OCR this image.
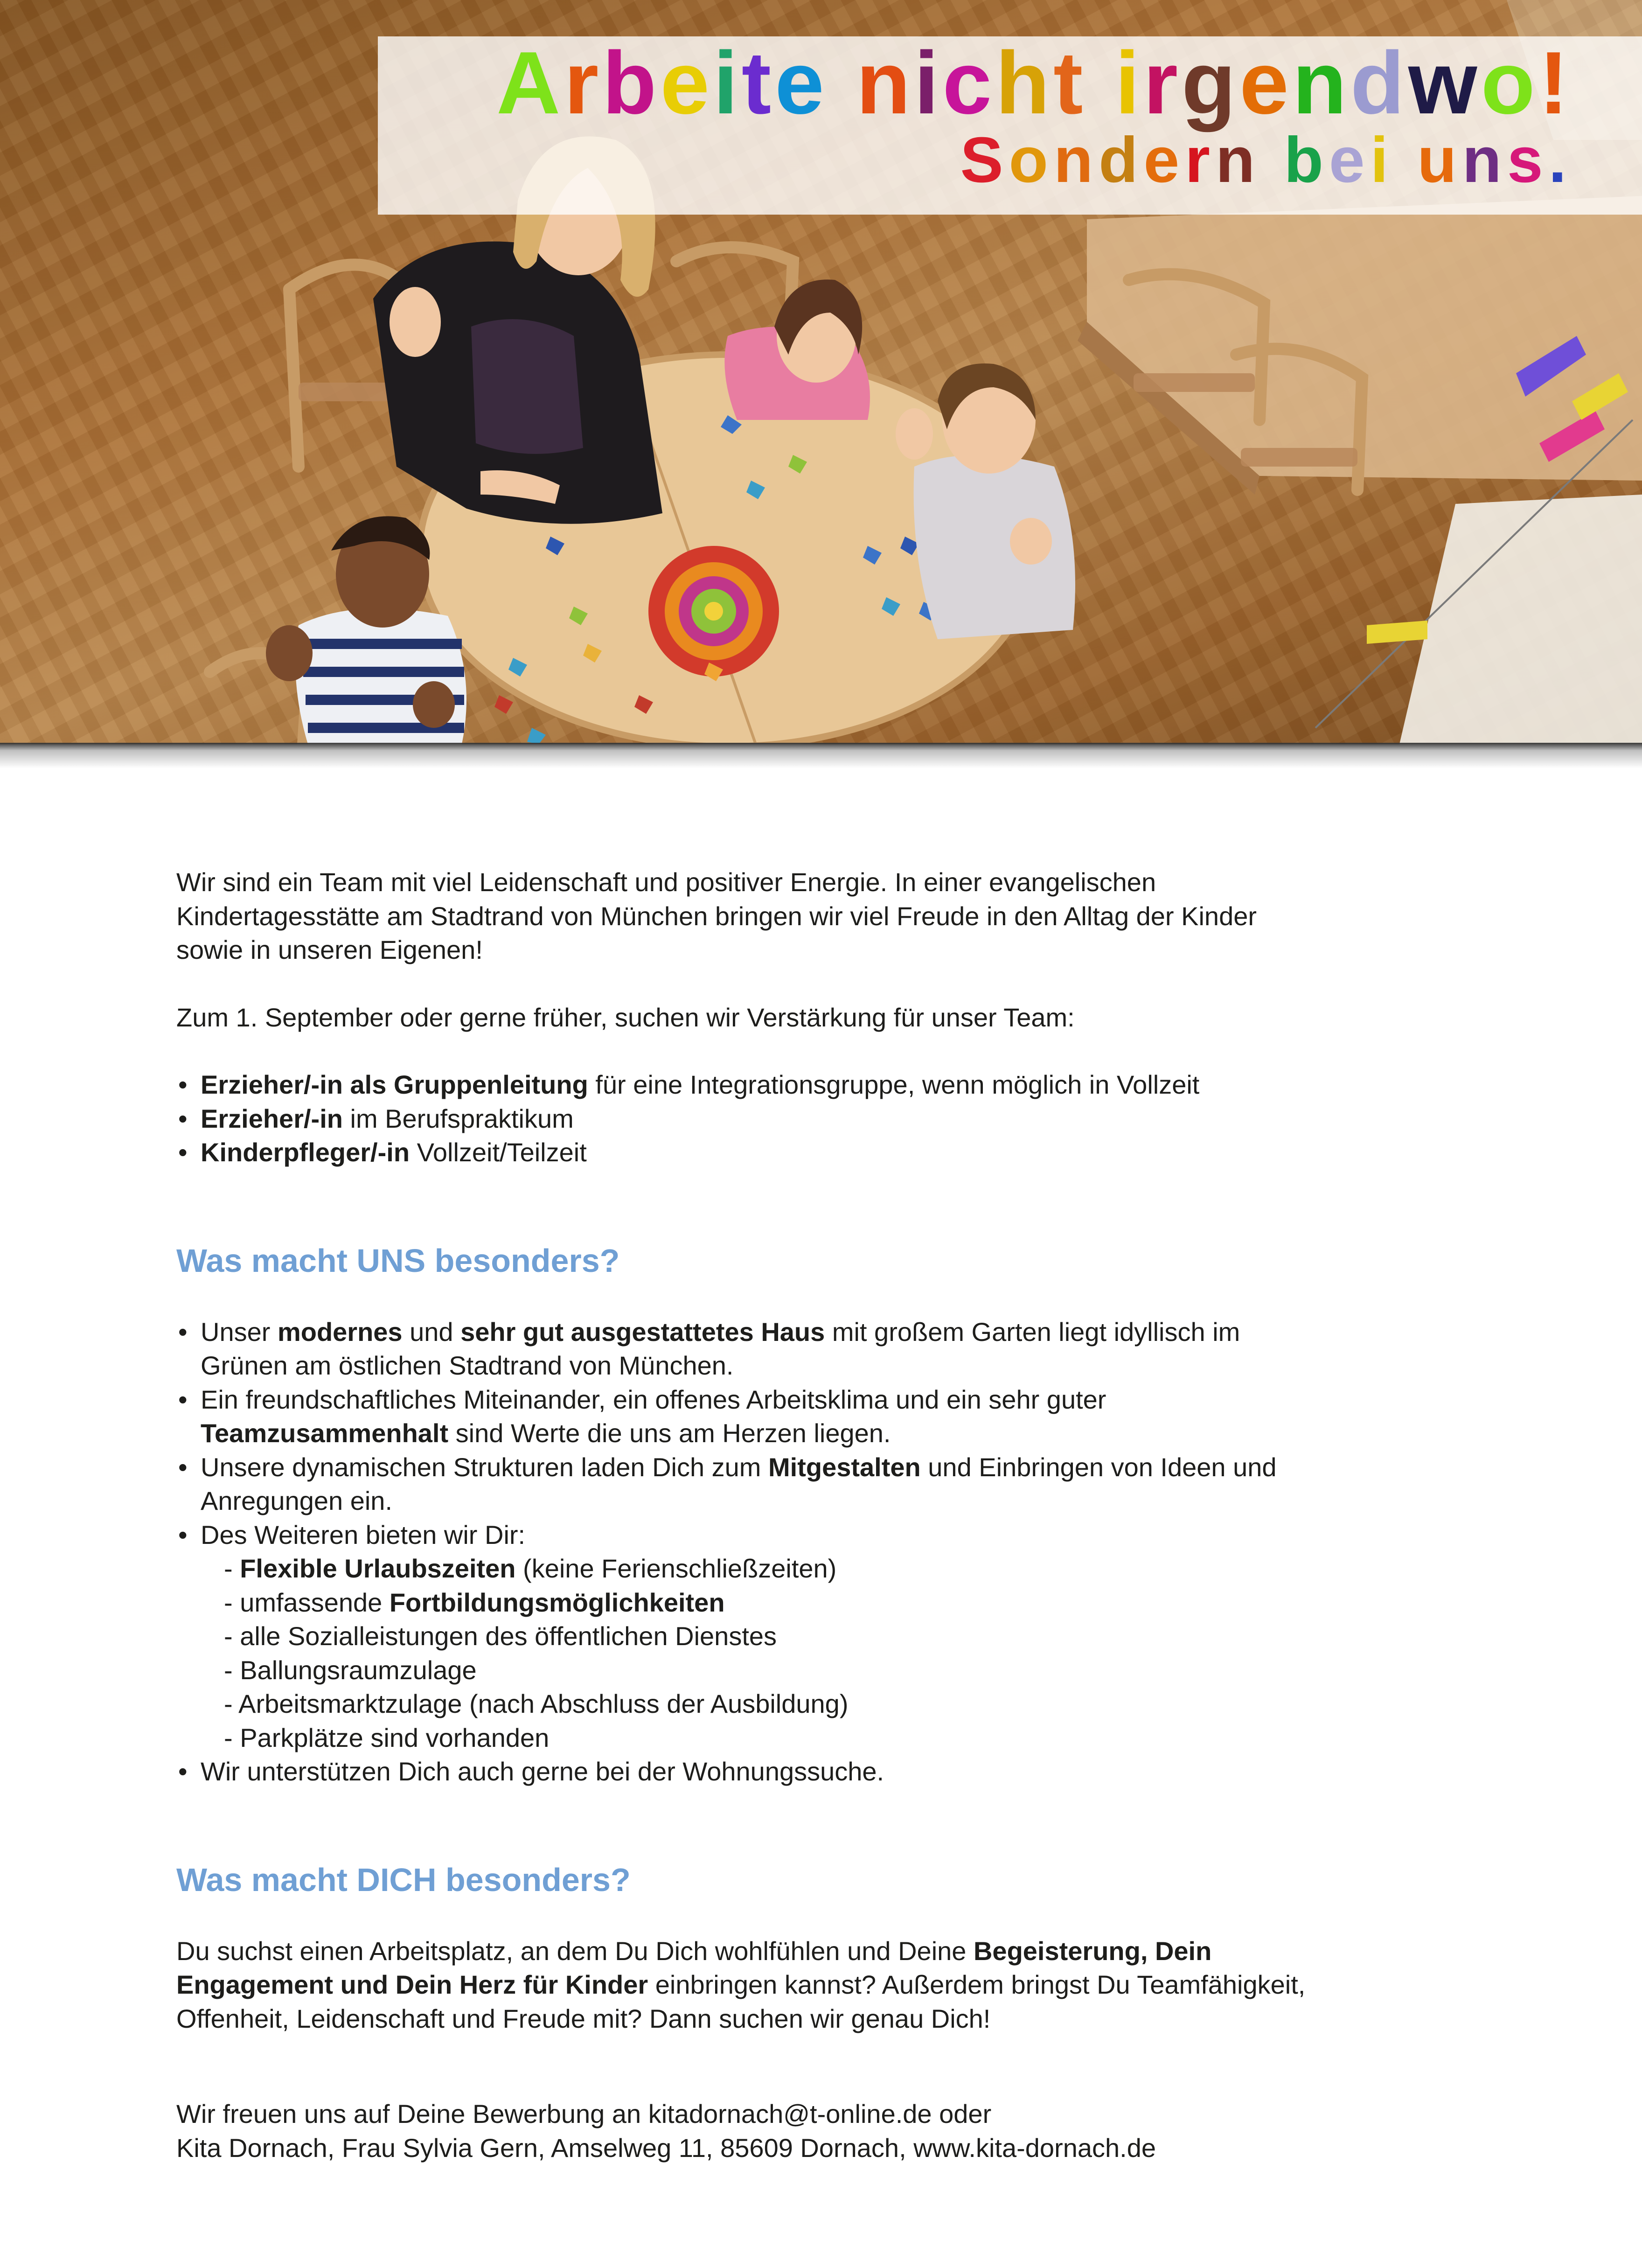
Arbeite nicht irgendwo!
Sondern bei uns.

Wir sind ein Team mit viel Leidenschaft und positiver Energie. In einer evangelischen Kindertagesstätte am Stadtrand von München bringen wir viel Freude in den Alltag der Kinder sowie in unseren Eigenen!

Zum 1. September oder gerne früher, suchen wir Verstärkung für unser Team:

• Erzieher/-in als Gruppenleitung für eine Integrationsgruppe, wenn möglich in Vollzeit
• Erzieher/-in im Berufspraktikum
• Kinderpfleger/-in Vollzeit/Teilzeit
Was macht UNS besonders?
• Unser modernes und sehr gut ausgestattetes Haus mit großem Garten liegt idyllisch im Grünen am östlichen Stadtrand von München.
• Ein freundschaftliches Miteinander, ein offenes Arbeitsklima und ein sehr guter Teamzusammenhalt sind Werte die uns am Herzen liegen.
• Unsere dynamischen Strukturen laden Dich zum Mitgestalten und Einbringen von Ideen und Anregungen ein.
• Des Weiteren bieten wir Dir:
- Flexible Urlaubszeiten (keine Ferienschließzeiten)
- umfassende Fortbildungsmöglichkeiten
- alle Sozialleistungen des öffentlichen Dienstes
- Ballungsraumzulage
- Arbeitsmarktzulage (nach Abschluss der Ausbildung)
- Parkplätze sind vorhanden
• Wir unterstützen Dich auch gerne bei der Wohnungssuche.
Was macht DICH besonders?

Du suchst einen Arbeitsplatz, an dem Du Dich wohlfühlen und Deine Begeisterung, Dein Engagement und Dein Herz für Kinder einbringen kannst? Außerdem bringst Du Teamfähigkeit, Offenheit, Leidenschaft und Freude mit? Dann suchen wir genau Dich!

Wir freuen uns auf Deine Bewerbung an kitadornach@t-online.de oder

Kita Dornach, Frau Sylvia Gern, Amselweg 11, 85609 Dornach, www.kita-dornach.de
